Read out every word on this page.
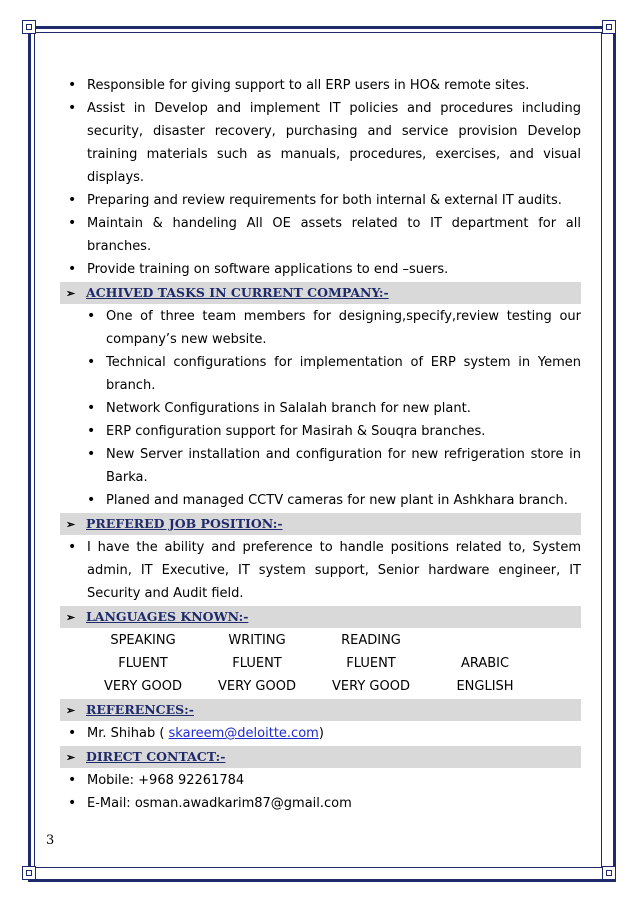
• Responsible for giving support to all ERP users in HO& remote sites.
• Assist in Develop and implement IT policies and procedures including security, disaster recovery, purchasing and service provision Develop training materials such as manuals, procedures, exercises, and visual displays.
• Preparing and review requirements for both internal & external IT audits.
• Maintain & handeling All OE assets related to IT department for all branches.
• Provide training on software applications to end –suers.
➢ ACHIVED TASKS IN CURRENT COMPANY:-
• One of three team members for designing,specify,review testing our company’s new website.
• Technical configurations for implementation of ERP system in Yemen branch.
• Network Configurations in Salalah branch for new plant.
• ERP configuration support for Masirah & Souqra branches.
• New Server installation and configuration for new refrigeration store in Barka.
• Planed and managed CCTV cameras for new plant in Ashkhara branch.
➢ PREFERED JOB POSITION:-
• I have the ability and preference to handle positions related to, System admin, IT Executive, IT system support, Senior hardware engineer, IT Security and Audit field.
➢ LANGUAGES KNOWN:-
SPEAKING	WRITING	READING
FLUENT	FLUENT	FLUENT	ARABIC
VERY GOOD	VERY GOOD	VERY GOOD	ENGLISH
➢ REFERENCES:-
• Mr. Shihab ( skareem@deloitte.com)
➢ DIRECT CONTACT:-
• Mobile: +968 92261784
• E-Mail: osman.awadkarim87@gmail.com
3
